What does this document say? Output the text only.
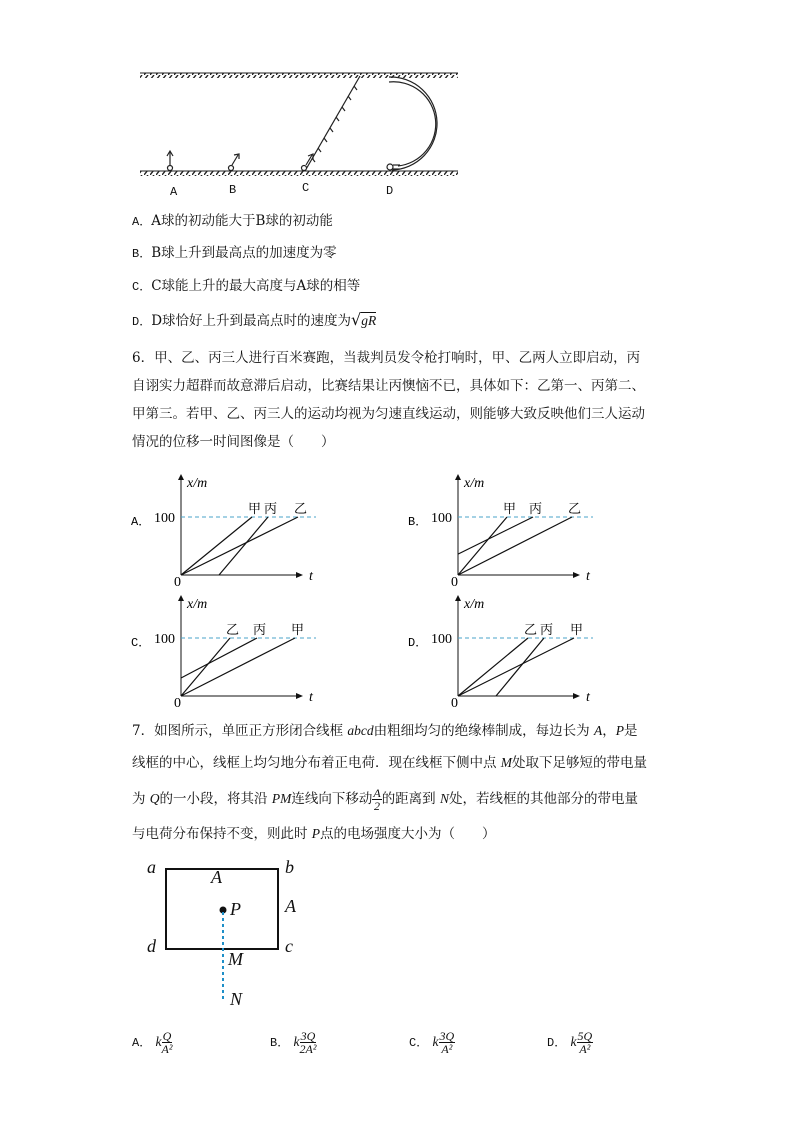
A	B	C	D
A．A球的初动能大于B球的初动能
B．B球上升到最高点的加速度为零
C．C球能上升的最大高度与A球的相等
D．D球恰好上升到最高点时的速度为√gR
6．甲、乙、丙三人进行百米赛跑，当裁判员发令枪打响时，甲、乙两人立即启动，丙
自诩实力超群而故意滞后启动，比赛结果让丙懊恼不已，具体如下：乙第一、丙第二、
甲第三。若甲、乙、丙三人的运动均视为匀速直线运动，则能够大致反映他们三人运动
情况的位移一时间图像是（　　）
A．
x/m
t
0
100
甲 丙 乙
B．
x/m
t
0
100
甲 丙 乙
C．
x/m
t
0
100
乙 丙 甲
D．
x/m
t
0
100
乙 丙 甲
7．如图所示，单匝正方形闭合线框 abcd由粗细均匀的绝缘棒制成，每边长为 A，P是
线框的中心，线框上均匀地分布着正电荷．现在线框下侧中点 M处取下足够短的带电量
为 Q的一小段，将其沿 PM连线向下移动 $\frac{A}{2}$ 的距离到 N处，若线框的其他部分的带电量
与电荷分布保持不变，则此时 P点的电场强度大小为（　　）
a	b
d	c
A
A
P
M
N
A． k $\frac{Q}{\text{A²}}$	B． k $\frac{3Q}{\text{2A²}}$	C． k $\frac{3Q}{\text{A²}}$	D． k $\frac{5Q}{\text{A²}}$
